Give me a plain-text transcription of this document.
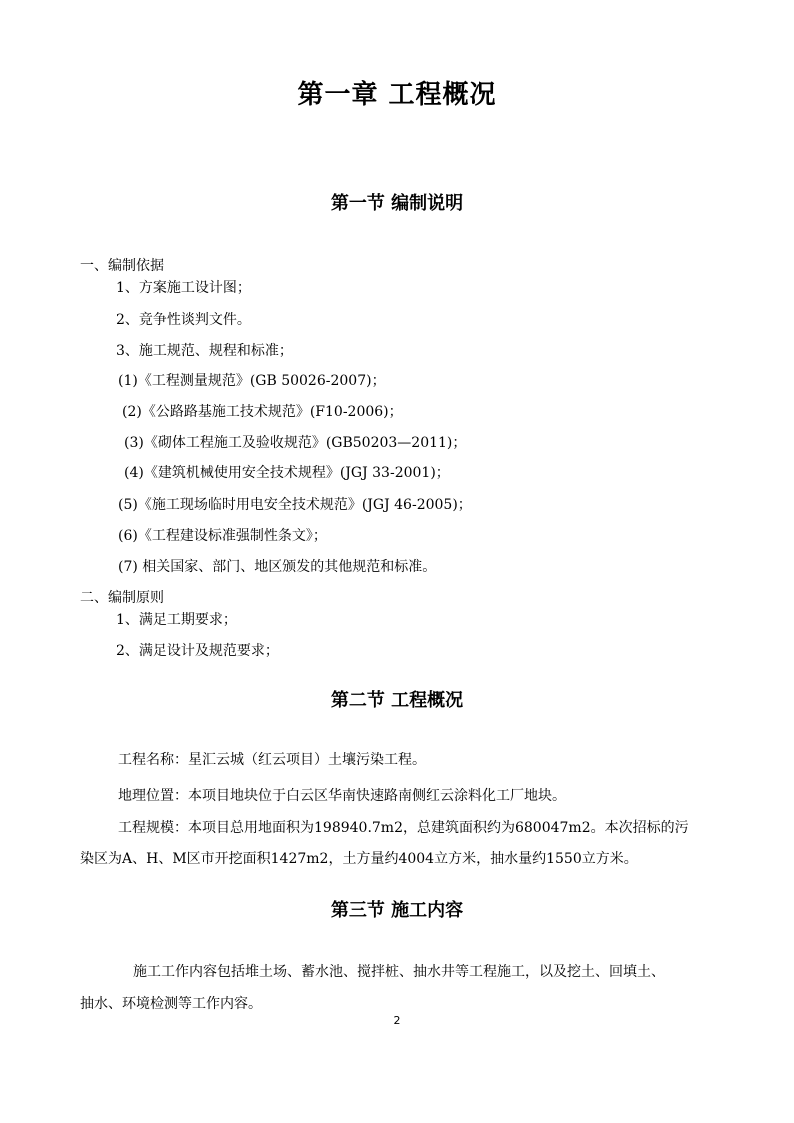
第一章 工程概况
第一节 编制说明
一、编制依据
1、方案施工设计图；
2、竞争性谈判文件。
3、施工规范、规程和标准；
(1)《工程测量规范》(GB 50026-2007)；
(2)《公路路基施工技术规范》(F10-2006)；
(3)《砌体工程施工及验收规范》(GB50203—2011)；
(4)《建筑机械使用安全技术规程》(JGJ 33-2001)；
(5)《施工现场临时用电安全技术规范》(JGJ 46-2005)；
(6)《工程建设标准强制性条文》；
(7) 相关国家、部门、地区颁发的其他规范和标准。
二、编制原则
1、满足工期要求；
2、满足设计及规范要求；
第二节 工程概况
工程名称：星汇云城（红云项目）土壤污染工程。
地理位置：本项目地块位于白云区华南快速路南侧红云涂料化工厂地块。
工程规模：本项目总用地面积为198940.7m2，总建筑面积约为680047m2。本次招标的污
染区为A、H、M区市开挖面积1427m2，土方量约4004立方米，抽水量约1550立方米。
第三节 施工内容
施工工作内容包括堆土场、蓄水池、搅拌桩、抽水井等工程施工，以及挖土、回填土、
抽水、环境检测等工作内容。
2
